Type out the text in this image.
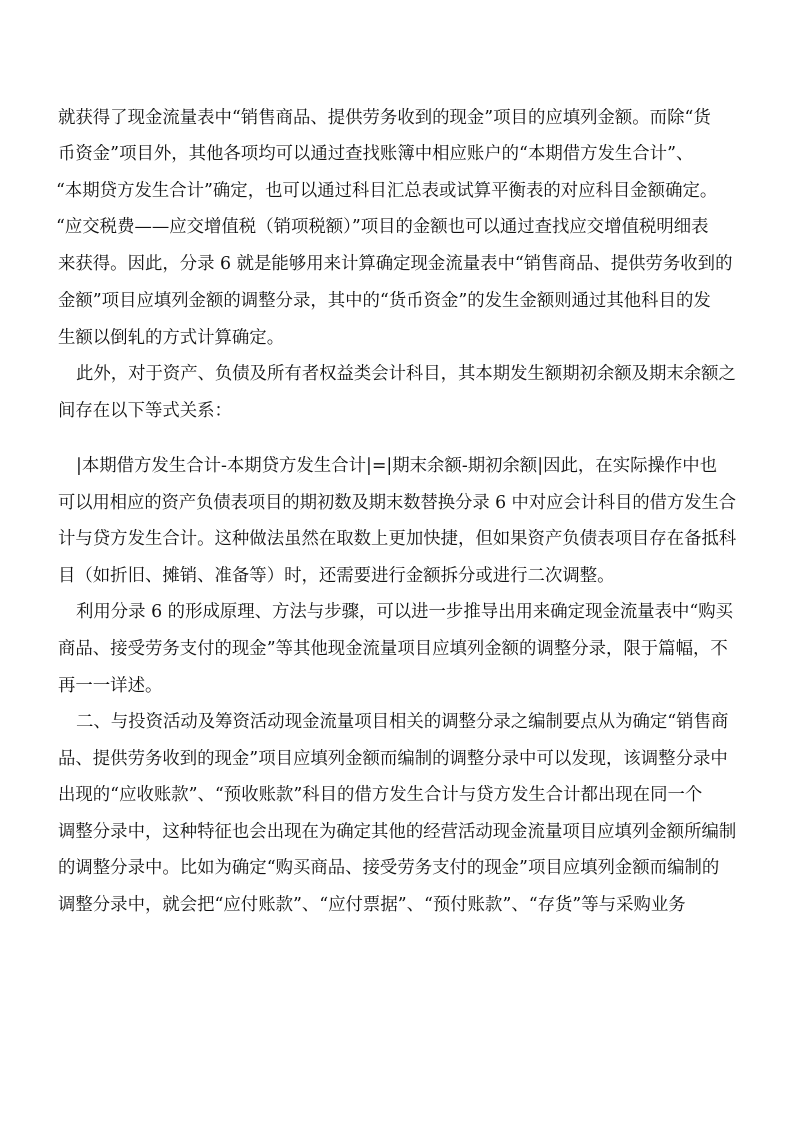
就获得了现金流量表中“销售商品、提供劳务收到的现金”项目的应填列金额。而除“货
币资金”项目外，其他各项均可以通过查找账簿中相应账户的“本期借方发生合计”、
“本期贷方发生合计”确定，也可以通过科目汇总表或试算平衡表的对应科目金额确定。
“应交税费——应交增值税（销项税额）”项目的金额也可以通过查找应交增值税明细表
来获得。因此，分录 6 就是能够用来计算确定现金流量表中“销售商品、提供劳务收到的
金额”项目应填列金额的调整分录，其中的“货币资金”的发生金额则通过其他科目的发
生额以倒轧的方式计算确定。
此外，对于资产、负债及所有者权益类会计科目，其本期发生额期初余额及期末余额之
间存在以下等式关系：
|本期借方发生合计-本期贷方发生合计|=|期末余额-期初余额|因此，在实际操作中也
可以用相应的资产负债表项目的期初数及期末数替换分录 6 中对应会计科目的借方发生合
计与贷方发生合计。这种做法虽然在取数上更加快捷，但如果资产负债表项目存在备抵科
目（如折旧、摊销、准备等）时，还需要进行金额拆分或进行二次调整。
利用分录 6 的形成原理、方法与步骤，可以进一步推导出用来确定现金流量表中“购买
商品、接受劳务支付的现金”等其他现金流量项目应填列金额的调整分录，限于篇幅，不
再一一详述。
二、与投资活动及筹资活动现金流量项目相关的调整分录之编制要点从为确定“销售商
品、提供劳务收到的现金”项目应填列金额而编制的调整分录中可以发现，该调整分录中
出现的“应收账款”、“预收账款”科目的借方发生合计与贷方发生合计都出现在同一个
调整分录中，这种特征也会出现在为确定其他的经营活动现金流量项目应填列金额所编制
的调整分录中。比如为确定“购买商品、接受劳务支付的现金”项目应填列金额而编制的
调整分录中，就会把“应付账款”、“应付票据”、“预付账款”、“存货”等与采购业务
